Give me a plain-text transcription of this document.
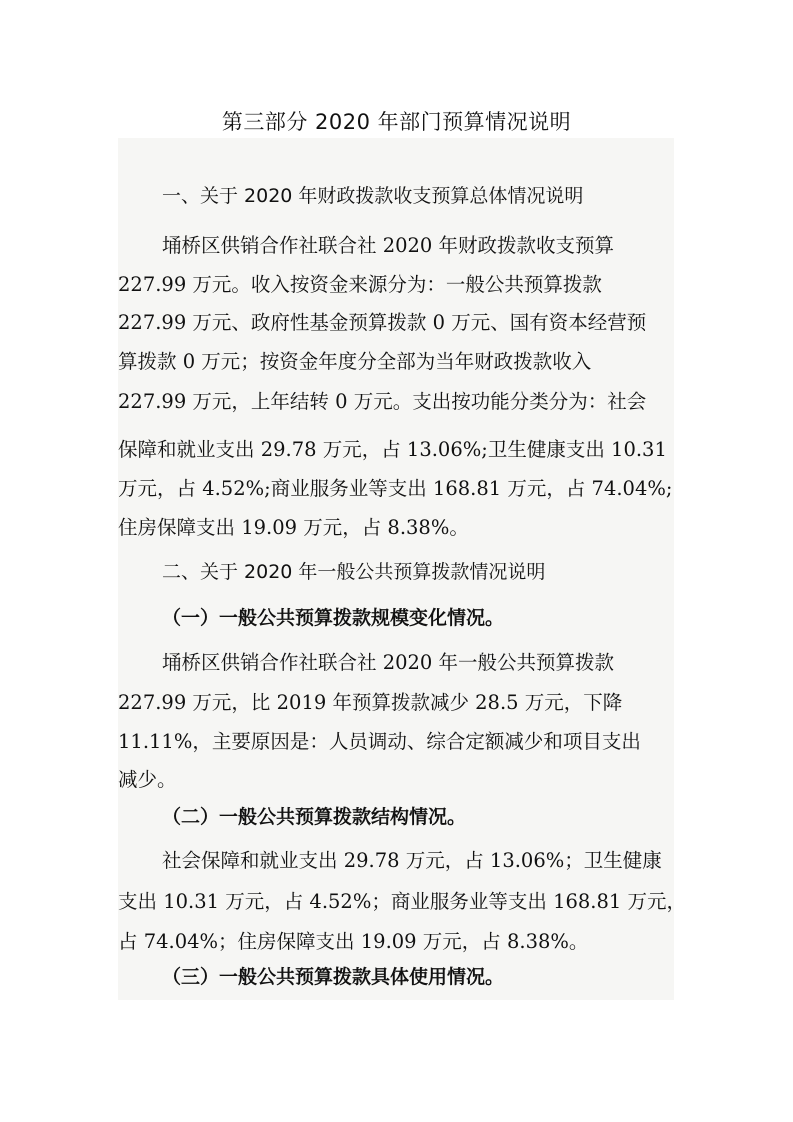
第三部分 2020 年部门预算情况说明
一、关于 2020 年财政拨款收支预算总体情况说明
埇桥区供销合作社联合社 2020 年财政拨款收支预算
227.99 万元。收入按资金来源分为：一般公共预算拨款
227.99 万元、政府性基金预算拨款 0 万元、国有资本经营预
算拨款 0 万元；按资金年度分全部为当年财政拨款收入
227.99 万元，上年结转 0 万元。支出按功能分类分为：社会
保障和就业支出 29.78 万元，占 13.06%;卫生健康支出 10.31
万元，占 4.52%;商业服务业等支出 168.81 万元，占 74.04%;
住房保障支出 19.09 万元，占 8.38%。
二、关于 2020 年一般公共预算拨款情况说明
（一）一般公共预算拨款规模变化情况。
埇桥区供销合作社联合社 2020 年一般公共预算拨款
227.99 万元，比 2019 年预算拨款减少 28.5 万元，下降
11.11%，主要原因是：人员调动、综合定额减少和项目支出
减少。
（二）一般公共预算拨款结构情况。
社会保障和就业支出 29.78 万元，占 13.06%；卫生健康
支出 10.31 万元，占 4.52%；商业服务业等支出 168.81 万元，
占 74.04%；住房保障支出 19.09 万元，占 8.38%。
（三）一般公共预算拨款具体使用情况。
